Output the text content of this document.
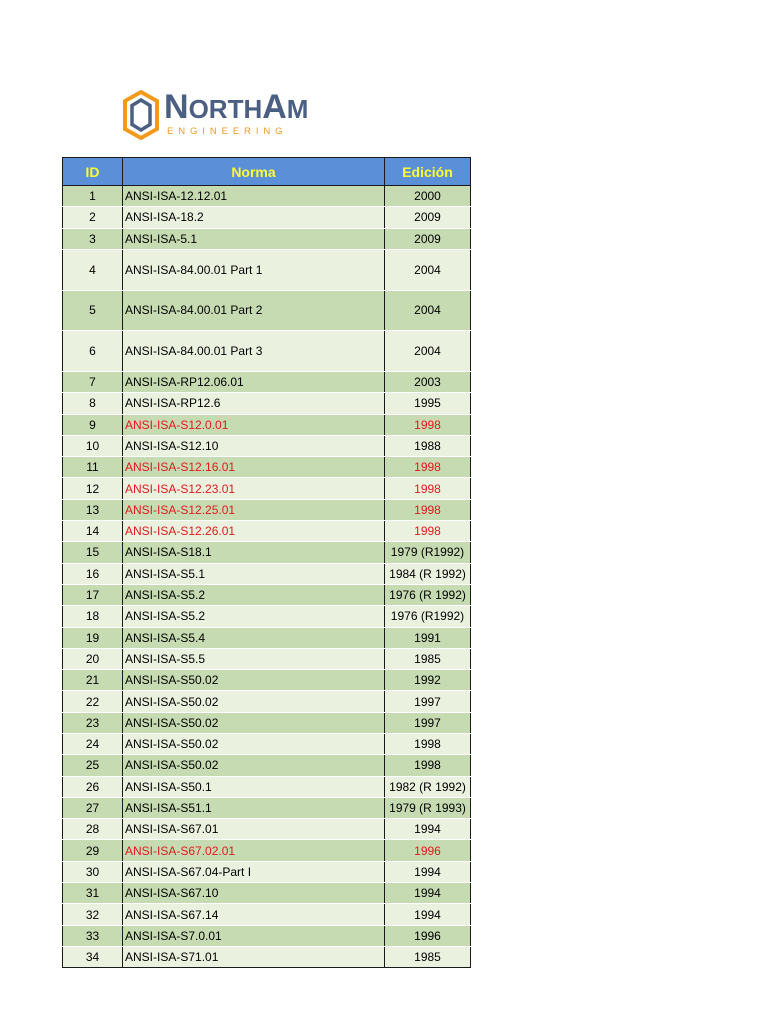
NORTHAM
ENGINEERING
ID	Norma	Edición
1	ANSI-ISA-12.12.01	2000
2	ANSI-ISA-18.2	2009
3	ANSI-ISA-5.1	2009
4	ANSI-ISA-84.00.01 Part 1	2004
5	ANSI-ISA-84.00.01 Part 2	2004
6	ANSI-ISA-84.00.01 Part 3	2004
7	ANSI-ISA-RP12.06.01	2003
8	ANSI-ISA-RP12.6	1995
9	ANSI-ISA-S12.0.01	1998
10	ANSI-ISA-S12.10	1988
11	ANSI-ISA-S12.16.01	1998
12	ANSI-ISA-S12.23.01	1998
13	ANSI-ISA-S12.25.01	1998
14	ANSI-ISA-S12.26.01	1998
15	ANSI-ISA-S18.1	1979 (R1992)
16	ANSI-ISA-S5.1	1984 (R 1992)
17	ANSI-ISA-S5.2	1976 (R 1992)
18	ANSI-ISA-S5.2	1976 (R1992)
19	ANSI-ISA-S5.4	1991
20	ANSI-ISA-S5.5	1985
21	ANSI-ISA-S50.02	1992
22	ANSI-ISA-S50.02	1997
23	ANSI-ISA-S50.02	1997
24	ANSI-ISA-S50.02	1998
25	ANSI-ISA-S50.02	1998
26	ANSI-ISA-S50.1	1982 (R 1992)
27	ANSI-ISA-S51.1	1979 (R 1993)
28	ANSI-ISA-S67.01	1994
29	ANSI-ISA-S67.02.01	1996
30	ANSI-ISA-S67.04-Part I	1994
31	ANSI-ISA-S67.10	1994
32	ANSI-ISA-S67.14	1994
33	ANSI-ISA-S7.0.01	1996
34	ANSI-ISA-S71.01	1985
